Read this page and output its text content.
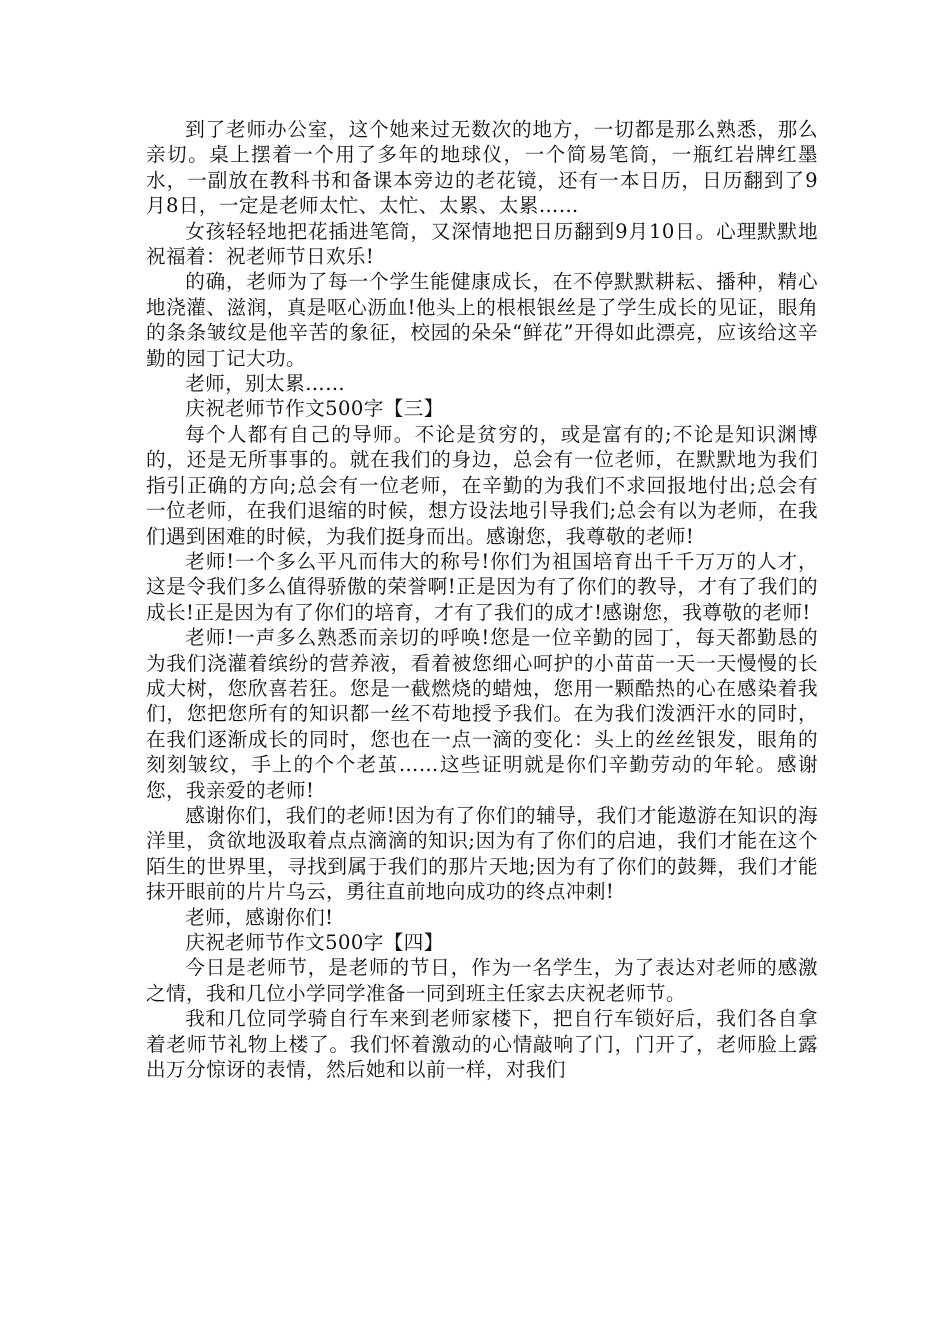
到了老师办公室，这个她来过无数次的地方，一切都是那么熟悉，那么亲切。桌上摆着一个用了多年的地球仪，一个简易笔筒，一瓶红岩牌红墨水，一副放在教科书和备课本旁边的老花镜，还有一本日历，日历翻到了9月8日，一定是老师太忙、太忙、太累、太累……

女孩轻轻地把花插进笔筒，又深情地把日历翻到9月10日。心理默默地祝福着：祝老师节日欢乐!

的确，老师为了每一个学生能健康成长，在不停默默耕耘、播种，精心地浇灌、滋润，真是呕心沥血!他头上的根根银丝是了学生成长的见证，眼角的条条皱纹是他辛苦的象征，校园的朵朵“鲜花”开得如此漂亮，应该给这辛勤的园丁记大功。

老师，别太累……

庆祝老师节作文500字【三】

每个人都有自己的导师。不论是贫穷的，或是富有的;不论是知识渊博的，还是无所事事的。就在我们的身边，总会有一位老师，在默默地为我们指引正确的方向;总会有一位老师，在辛勤的为我们不求回报地付出;总会有一位老师，在我们退缩的时候，想方设法地引导我们;总会有以为老师，在我们遇到困难的时候，为我们挺身而出。感谢您，我尊敬的老师!

老师!一个多么平凡而伟大的称号!你们为祖国培育出千千万万的人才，这是令我们多么值得骄傲的荣誉啊!正是因为有了你们的教导，才有了我们的成长!正是因为有了你们的培育，才有了我们的成才!感谢您，我尊敬的老师!

老师!一声多么熟悉而亲切的呼唤!您是一位辛勤的园丁，每天都勤恳的为我们浇灌着缤纷的营养液，看着被您细心呵护的小苗苗一天一天慢慢的长成大树，您欣喜若狂。您是一截燃烧的蜡烛，您用一颗酷热的心在感染着我们，您把您所有的知识都一丝不苟地授予我们。在为我们泼洒汗水的同时，在我们逐渐成长的同时，您也在一点一滴的变化：头上的丝丝银发，眼角的刻刻皱纹，手上的个个老茧……这些证明就是你们辛勤劳动的年轮。感谢您，我亲爱的老师!

感谢你们，我们的老师!因为有了你们的辅导，我们才能遨游在知识的海洋里，贪欲地汲取着点点滴滴的知识;因为有了你们的启迪，我们才能在这个陌生的世界里，寻找到属于我们的那片天地;因为有了你们的鼓舞，我们才能抹开眼前的片片乌云，勇往直前地向成功的终点冲刺!

老师，感谢你们!

庆祝老师节作文500字【四】

今日是老师节，是老师的节日，作为一名学生，为了表达对老师的感激之情，我和几位小学同学准备一同到班主任家去庆祝老师节。

我和几位同学骑自行车来到老师家楼下，把自行车锁好后，我们各自拿着老师节礼物上楼了。我们怀着激动的心情敲响了门，门开了，老师脸上露出万分惊讶的表情，然后她和以前一样，对我们
